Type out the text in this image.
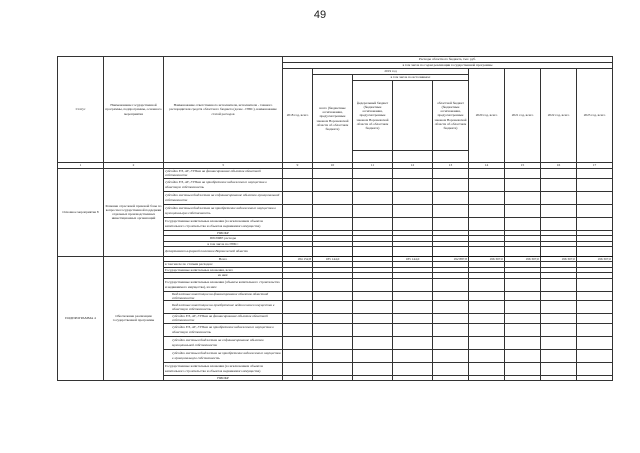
49
Статус	Наименование государственной программы, подпрограммы, основного мероприятия	Наименование ответственного исполнителя, исполнителя - главного распорядителя средств областного бюджета (далее - ГРБС), наименование статей расходов	Расходы областного бюджета, тыс. руб.									
			в том числе по годам реализации государственной программы									
			2018 год, всего	2019 год				2020 год, всего	2021 год, всего	2022 год, всего	2023 год, всего	
				всего (бюджетные ассигнования, предусмотренные законом Воронежской области об областном бюджете)	в том числе по источникам:							
					федеральный бюджет (бюджетные ассигнования, предусмотренные законом Воронежской области об областном бюджете)		областной бюджет (бюджетные ассигнования, предусмотренные законом Воронежской области об областном бюджете)					

1	2	3	9	10	11	12	13	14	15	16	17	
Основное мероприятие 8	Решение отраслевой правовой базы по вопросам государственной поддержки отдельных производственных инвестиционных организаций	субсидии ЕЭ, АУ, ГУПам на финансирование объектов областной собственности										
		субсидии ЕЭ, АУ, ГУПам на приобретение недвижимого имущества в областную собственность										
		субсидии местным бюджетам на софинансирование объектов муниципальной собственности										
		субсидии местным бюджетам на приобретение недвижимого имущества в муниципальную собственность										
		Государственные капитальные вложения (за исключением объектов капитального строительства и объектов недвижимого имущества)										
		НИОКР										
		ПРОЧИЕ расходы										
		в том числе по ГРБС:										
		Департамент аграрной политики Воронежской области										
ПОДПРОГРАММА 4	Обеспечение реализации государственной программы	Всего	184 152,8	185 144,0		185 144,0	192 887,8	196 307,0	196 307,0	196 307,0	196 307,0	
		в том числе по статьям расходов:										
		Государственные капитальные вложения, всего										
		из них:										
		Государственные капитальные вложения (объекты капитального строительства и недвижимого имущества), из них:										
		Бюджетные инвестиции на финансирование объектов областной собственности										
		Бюджетные инвестиции на приобретение недвижимого имущества в областную собственность										
		субсидии ЕЭ, АУ, ГУПам на финансирование объектов областной собственности										
		субсидии ЕЭ, АУ, ГУПам на приобретение недвижимого имущества в областную собственность										
		субсидии местным бюджетам на софинансирование объектов муниципальной собственности										
		субсидии местным бюджетам на приобретение недвижимого имущества в муниципальную собственность										
		Государственные капитальные вложения (за исключением объектов капитального строительства и объектов недвижимого имущества)										
		НИОКР										
